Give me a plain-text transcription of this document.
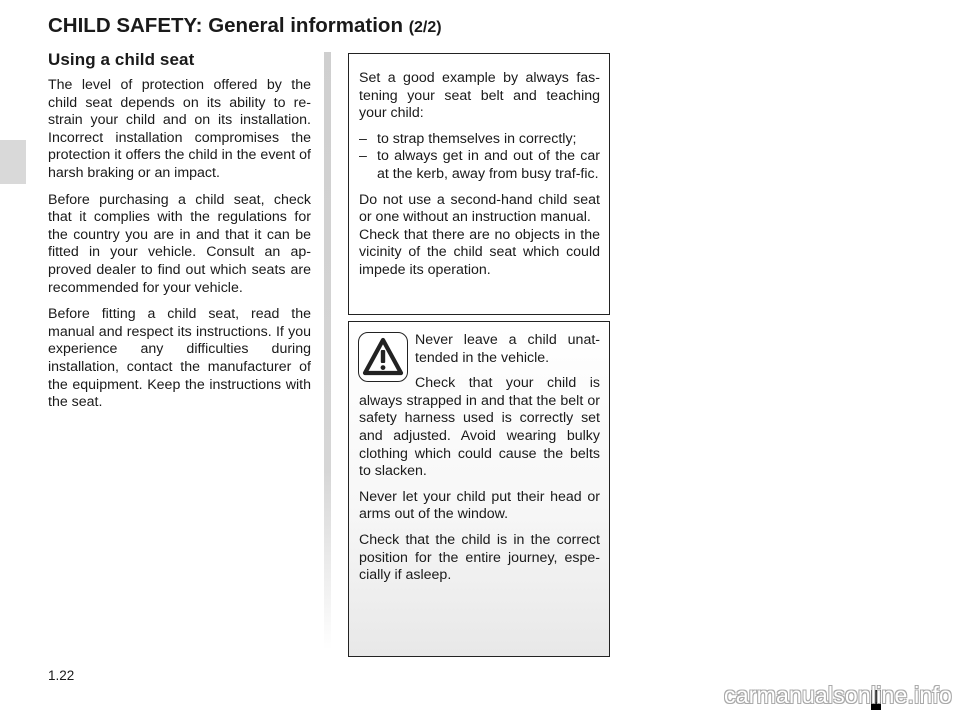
CHILD SAFETY: General information (2/2)
Using a child seat

The level of protection offered by the child seat depends on its ability to re-strain your child and on its installation. Incorrect installation compromises the protection it offers the child in the event of harsh braking or an impact.

Before purchasing a child seat, check that it complies with the regulations for the country you are in and that it can be fitted in your vehicle. Consult an ap-proved dealer to find out which seats are recommended for your vehicle.

Before fitting a child seat, read the manual and respect its instructions. If you experience any difficulties during installation, contact the manufacturer of the equipment. Keep the instructions with the seat.

Set a good example by always fas-tening your seat belt and teaching your child:

– to strap themselves in correctly;
– to always get in and out of the car at the kerb, away from busy traf-fic.

Do not use a second-hand child seat or one without an instruction manual.
Check that there are no objects in the vicinity of the child seat which could impede its operation.

Never leave a child unat-tended in the vehicle.

Check that your child is always strapped in and that the belt or safety harness used is correctly set and adjusted. Avoid wearing bulky clothing which could cause the belts to slacken.

Never let your child put their head or arms out of the window.

Check that the child is in the correct position for the entire journey, espe-cially if asleep.

1.22
carmanualsonline.info
